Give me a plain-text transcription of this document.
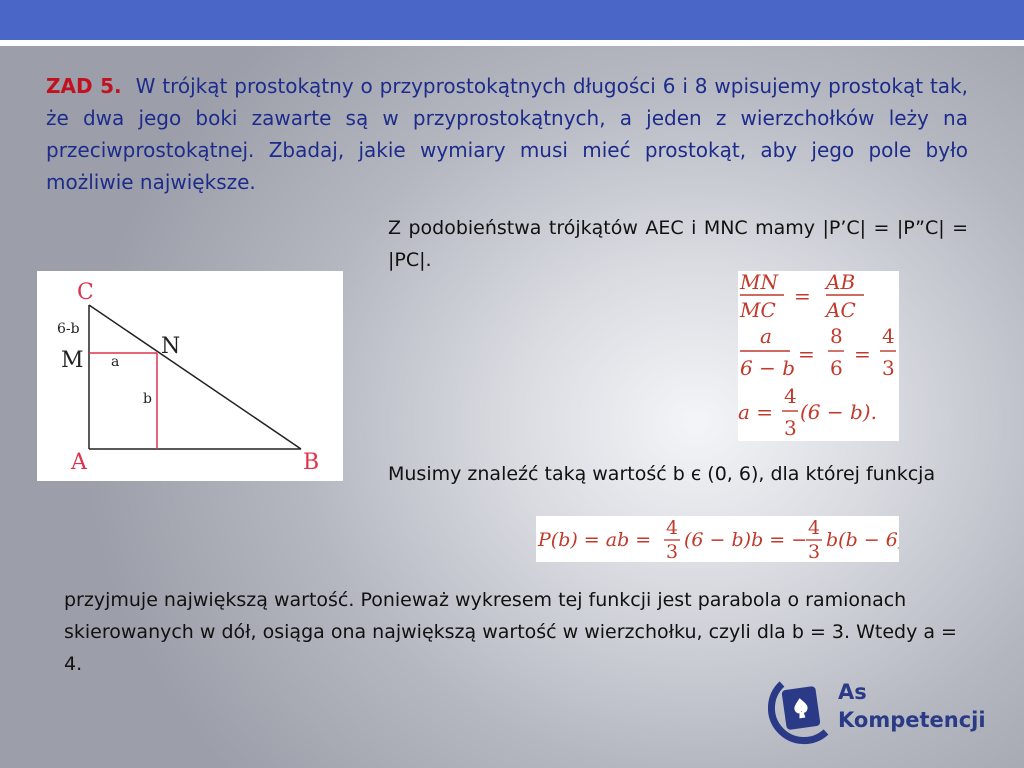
ZAD 5. W trójkąt prostokątny o przyprostokątnych długości 6 i 8 wpisujemy prostokąt tak, że dwa jego boki zawarte są w przyprostokątnych, a jeden z wierzchołków leży na przeciwprostokątnej. Zbadaj, jakie wymiary musi mieć prostokąt, aby jego pole było możliwie największe.
Z podobieństwa trójkątów AEC i MNC mamy |P’C| = |P”C| = |PC|.
C
N
M
A	B
6-b
a
b
MN
MC
=
AB
AC
a
6 − b
=
8
6
=
4
3
a =
4
3
(6 − b).
Musimy znaleźć taką wartość b є (0, 6), dla której funkcja
P(b) = ab =
4
3
(6 − b)b = −
4
3
b(b − 6)
przyjmuje największą wartość. Ponieważ wykresem tej funkcji jest parabola o ramionach skierowanych w dół, osiąga ona największą wartość w wierzchołku, czyli dla b = 3. Wtedy a = 4.
As
Kompetencji
